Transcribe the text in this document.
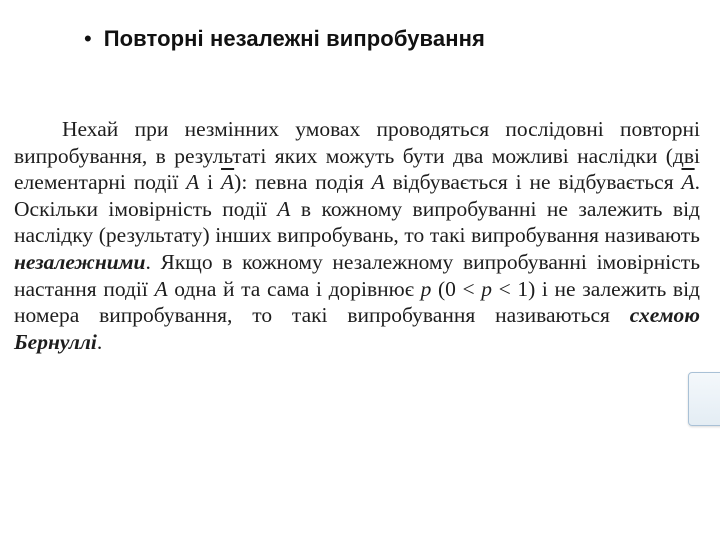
• Повторні незалежні випробування
Нехай при незмінних умовах проводяться послідовні повторні випробування, в результаті яких можуть бути два можливі наслідки (дві елементарні події A і $\overline{A}$): певна подія A відбувається і не відбувається $\overline{A}$. Оскільки імовірність події A в кожному випробуванні не залежить від наслідку (результату) інших випробувань, то такі випробування називають незалежними. Якщо в кожному незалежному випробуванні імовірність настання події A одна й та сама і дорівнює p (0 < p < 1) і не залежить від номера випробування, то такі випробування називаються схемою Бернуллі.
